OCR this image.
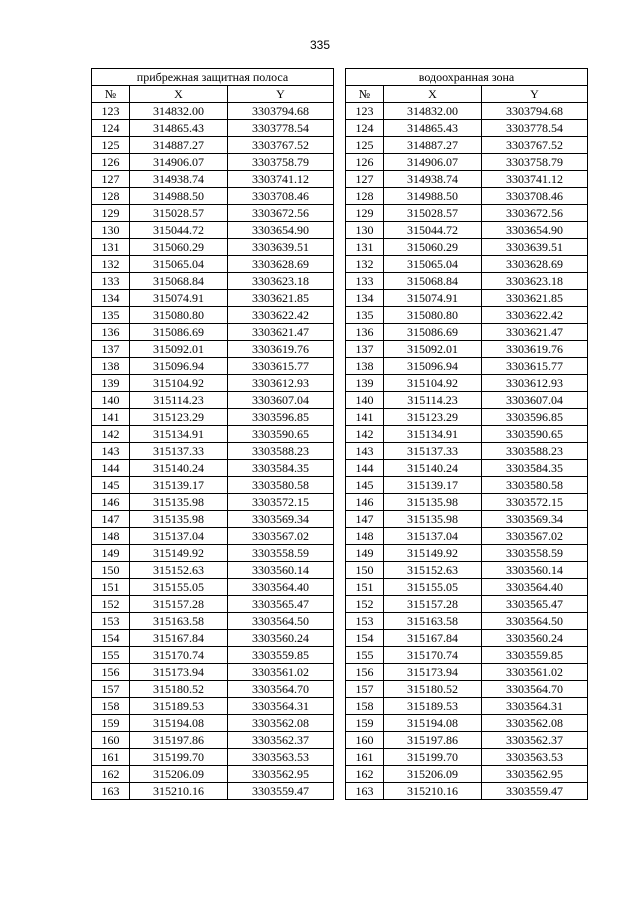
335
прибрежная защитная полоса		
№	X	Y
123	314832.00	3303794.68
124	314865.43	3303778.54
125	314887.27	3303767.52
126	314906.07	3303758.79
127	314938.74	3303741.12
128	314988.50	3303708.46
129	315028.57	3303672.56
130	315044.72	3303654.90
131	315060.29	3303639.51
132	315065.04	3303628.69
133	315068.84	3303623.18
134	315074.91	3303621.85
135	315080.80	3303622.42
136	315086.69	3303621.47
137	315092.01	3303619.76
138	315096.94	3303615.77
139	315104.92	3303612.93
140	315114.23	3303607.04
141	315123.29	3303596.85
142	315134.91	3303590.65
143	315137.33	3303588.23
144	315140.24	3303584.35
145	315139.17	3303580.58
146	315135.98	3303572.15
147	315135.98	3303569.34
148	315137.04	3303567.02
149	315149.92	3303558.59
150	315152.63	3303560.14
151	315155.05	3303564.40
152	315157.28	3303565.47
153	315163.58	3303564.50
154	315167.84	3303560.24
155	315170.74	3303559.85
156	315173.94	3303561.02
157	315180.52	3303564.70
158	315189.53	3303564.31
159	315194.08	3303562.08
160	315197.86	3303562.37
161	315199.70	3303563.53
162	315206.09	3303562.95
163	315210.16	3303559.47
водоохранная зона		
№	X	Y
123	314832.00	3303794.68
124	314865.43	3303778.54
125	314887.27	3303767.52
126	314906.07	3303758.79
127	314938.74	3303741.12
128	314988.50	3303708.46
129	315028.57	3303672.56
130	315044.72	3303654.90
131	315060.29	3303639.51
132	315065.04	3303628.69
133	315068.84	3303623.18
134	315074.91	3303621.85
135	315080.80	3303622.42
136	315086.69	3303621.47
137	315092.01	3303619.76
138	315096.94	3303615.77
139	315104.92	3303612.93
140	315114.23	3303607.04
141	315123.29	3303596.85
142	315134.91	3303590.65
143	315137.33	3303588.23
144	315140.24	3303584.35
145	315139.17	3303580.58
146	315135.98	3303572.15
147	315135.98	3303569.34
148	315137.04	3303567.02
149	315149.92	3303558.59
150	315152.63	3303560.14
151	315155.05	3303564.40
152	315157.28	3303565.47
153	315163.58	3303564.50
154	315167.84	3303560.24
155	315170.74	3303559.85
156	315173.94	3303561.02
157	315180.52	3303564.70
158	315189.53	3303564.31
159	315194.08	3303562.08
160	315197.86	3303562.37
161	315199.70	3303563.53
162	315206.09	3303562.95
163	315210.16	3303559.47
